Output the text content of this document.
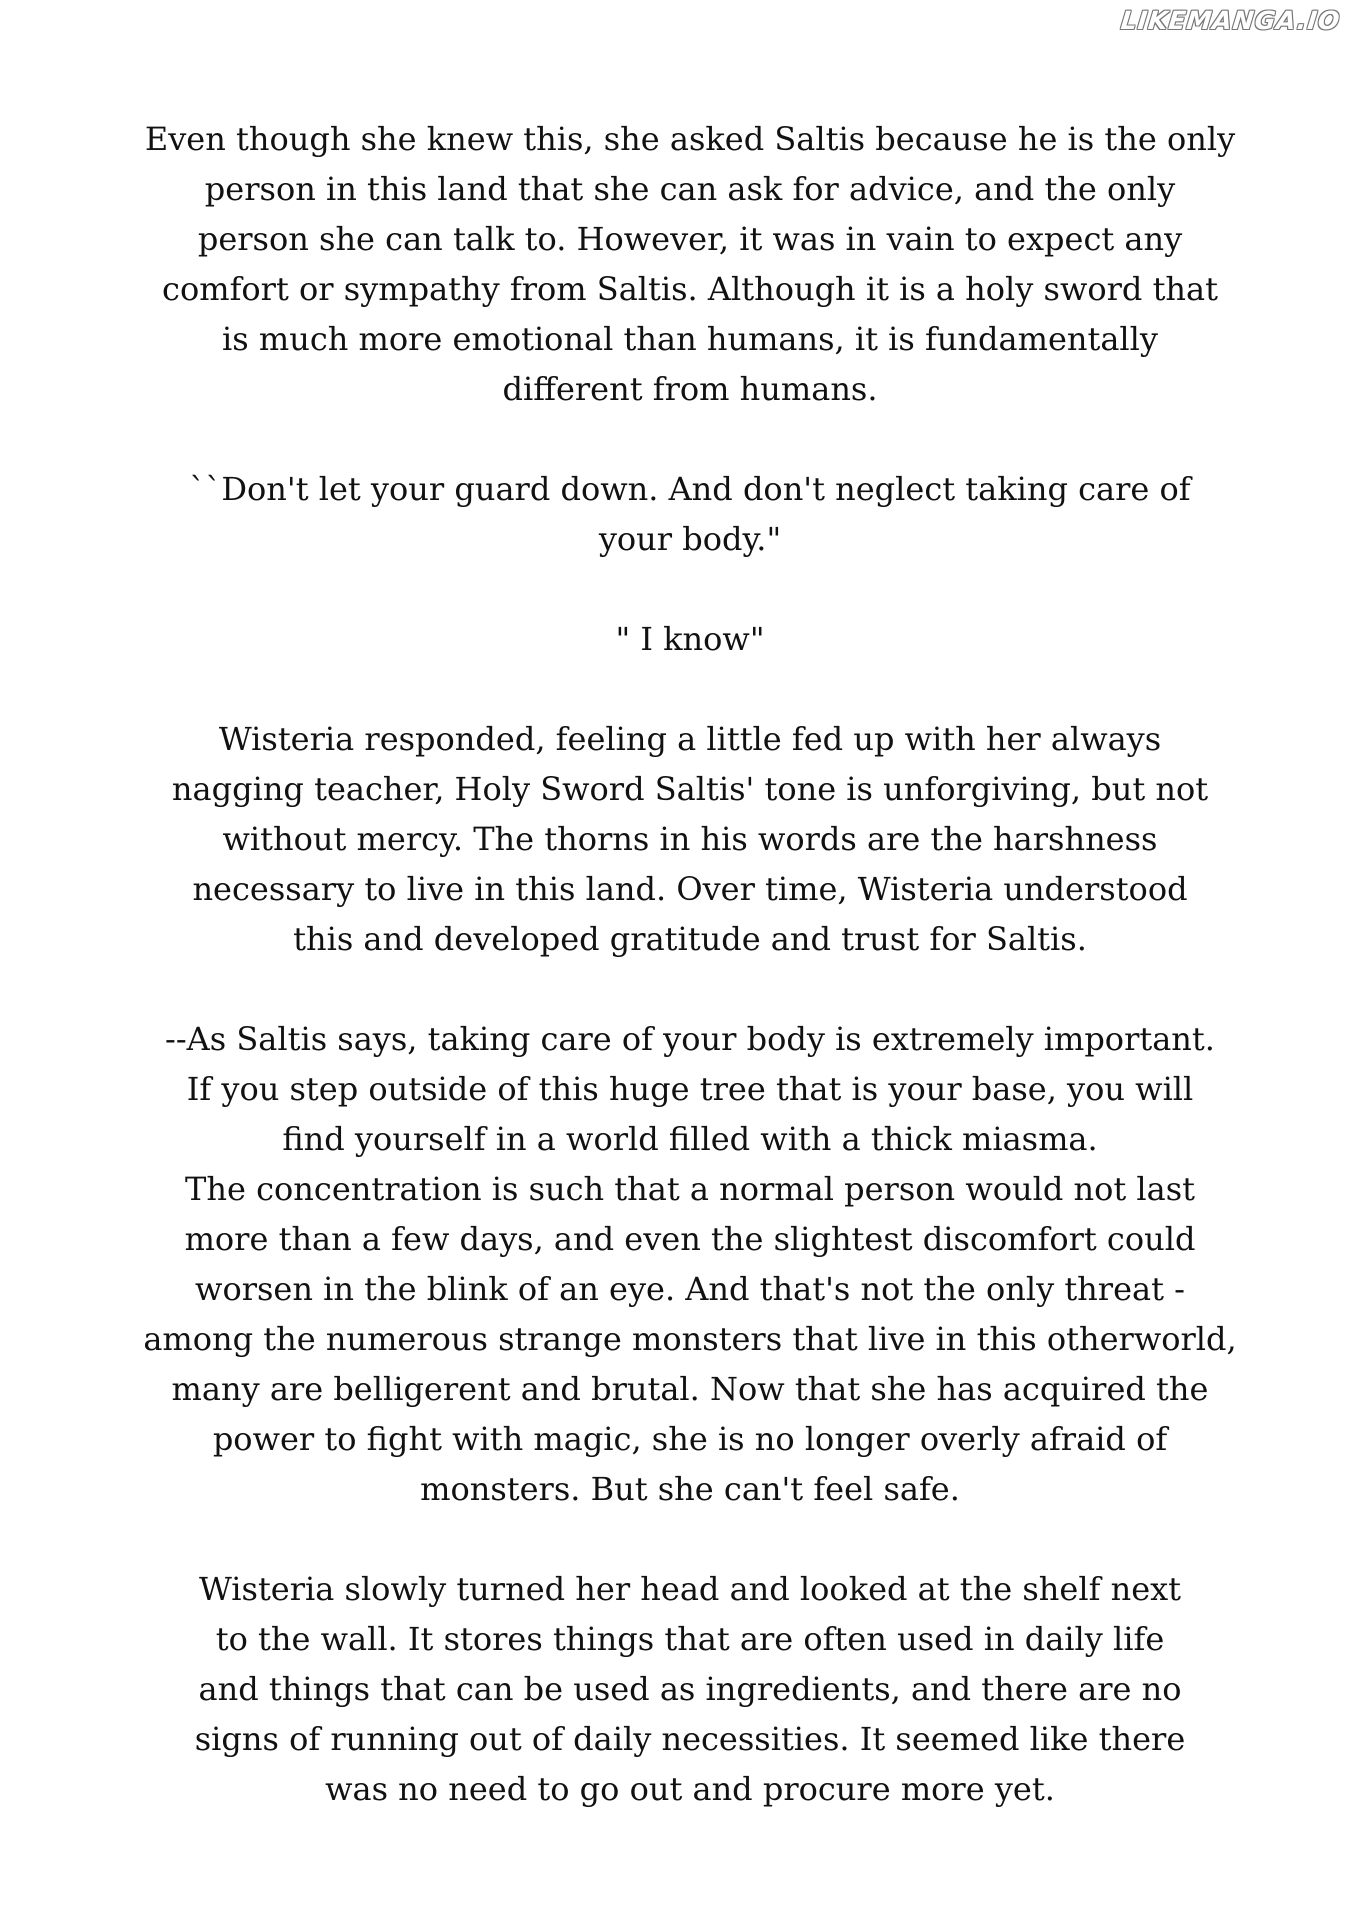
LIKEMANGA.IO

Even though she knew this, she asked Saltis because he is the only
person in this land that she can ask for advice, and the only
person she can talk to. However, it was in vain to expect any
comfort or sympathy from Saltis. Although it is a holy sword that
is much more emotional than humans, it is fundamentally
different from humans.

``Don't let your guard down. And don't neglect taking care of
your body."

" I know"

Wisteria responded, feeling a little fed up with her always
nagging teacher, Holy Sword Saltis' tone is unforgiving, but not
without mercy. The thorns in his words are the harshness
necessary to live in this land. Over time, Wisteria understood
this and developed gratitude and trust for Saltis.

--As Saltis says, taking care of your body is extremely important.
If you step outside of this huge tree that is your base, you will
find yourself in a world filled with a thick miasma.
The concentration is such that a normal person would not last
more than a few days, and even the slightest discomfort could
worsen in the blink of an eye. And that's not the only threat -
among the numerous strange monsters that live in this otherworld,
many are belligerent and brutal. Now that she has acquired the
power to fight with magic, she is no longer overly afraid of
monsters. But she can't feel safe.

Wisteria slowly turned her head and looked at the shelf next
to the wall. It stores things that are often used in daily life
and things that can be used as ingredients, and there are no
signs of running out of daily necessities. It seemed like there
was no need to go out and procure more yet.
